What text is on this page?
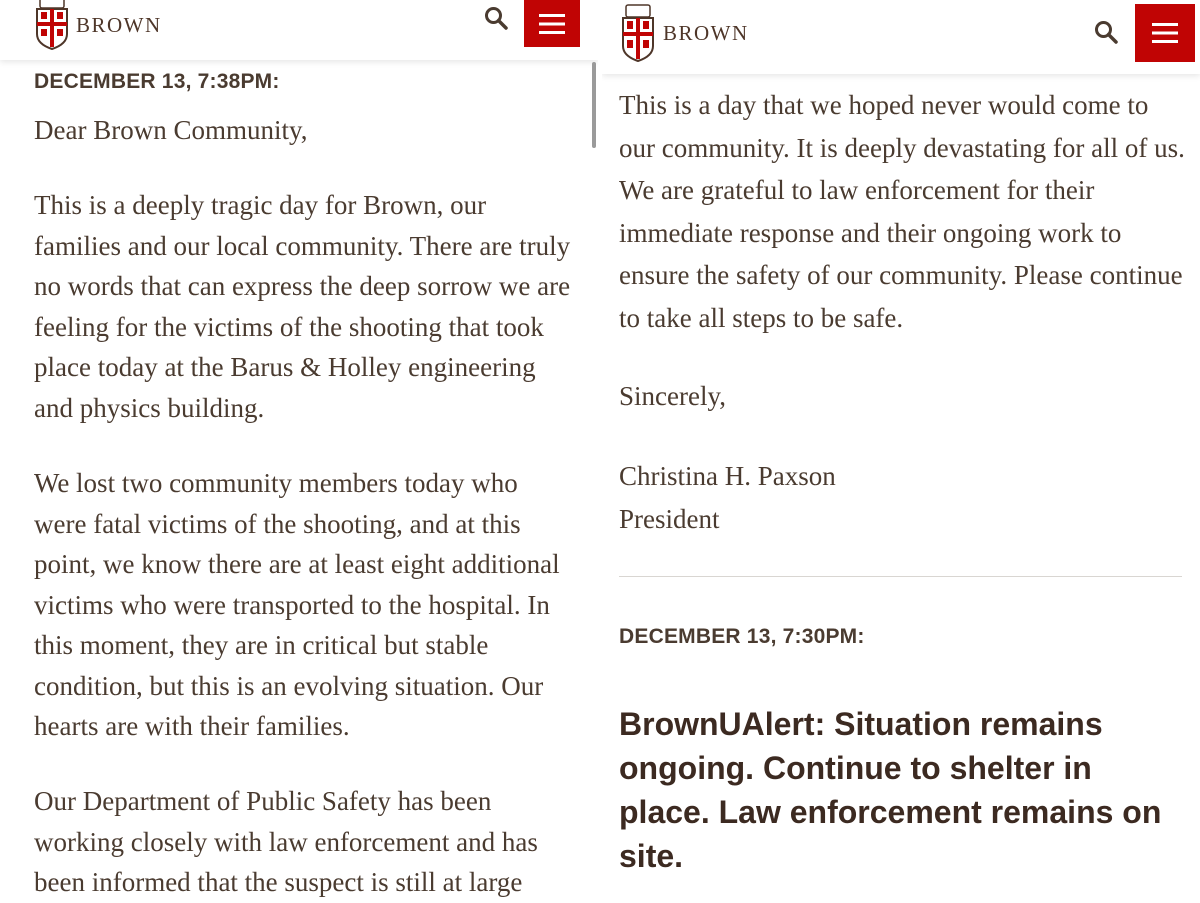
BROWN
DECEMBER 13, 7:38PM:

Dear Brown Community,

This is a deeply tragic day for Brown, our families and our local community. There are truly no words that can express the deep sorrow we are feeling for the victims of the shooting that took place today at the Barus & Holley engineering and physics building.

We lost two community members today who were fatal victims of the shooting, and at this point, we know there are at least eight additional victims who were transported to the hospital. In this moment, they are in critical but stable condition, but this is an evolving situation. Our hearts are with their families.

Our Department of Public Safety has been working closely with law enforcement and has been informed that the suspect is still at large

BROWN

This is a day that we hoped never would come to our community. It is deeply devastating for all of us. We are grateful to law enforcement for their immediate response and their ongoing work to ensure the safety of our community. Please continue to take all steps to be safe.

Sincerely,

Christina H. Paxson

President

DECEMBER 13, 7:30PM:
BrownUAlert: Situation remains ongoing. Continue to shelter in place. Law enforcement remains on site.
